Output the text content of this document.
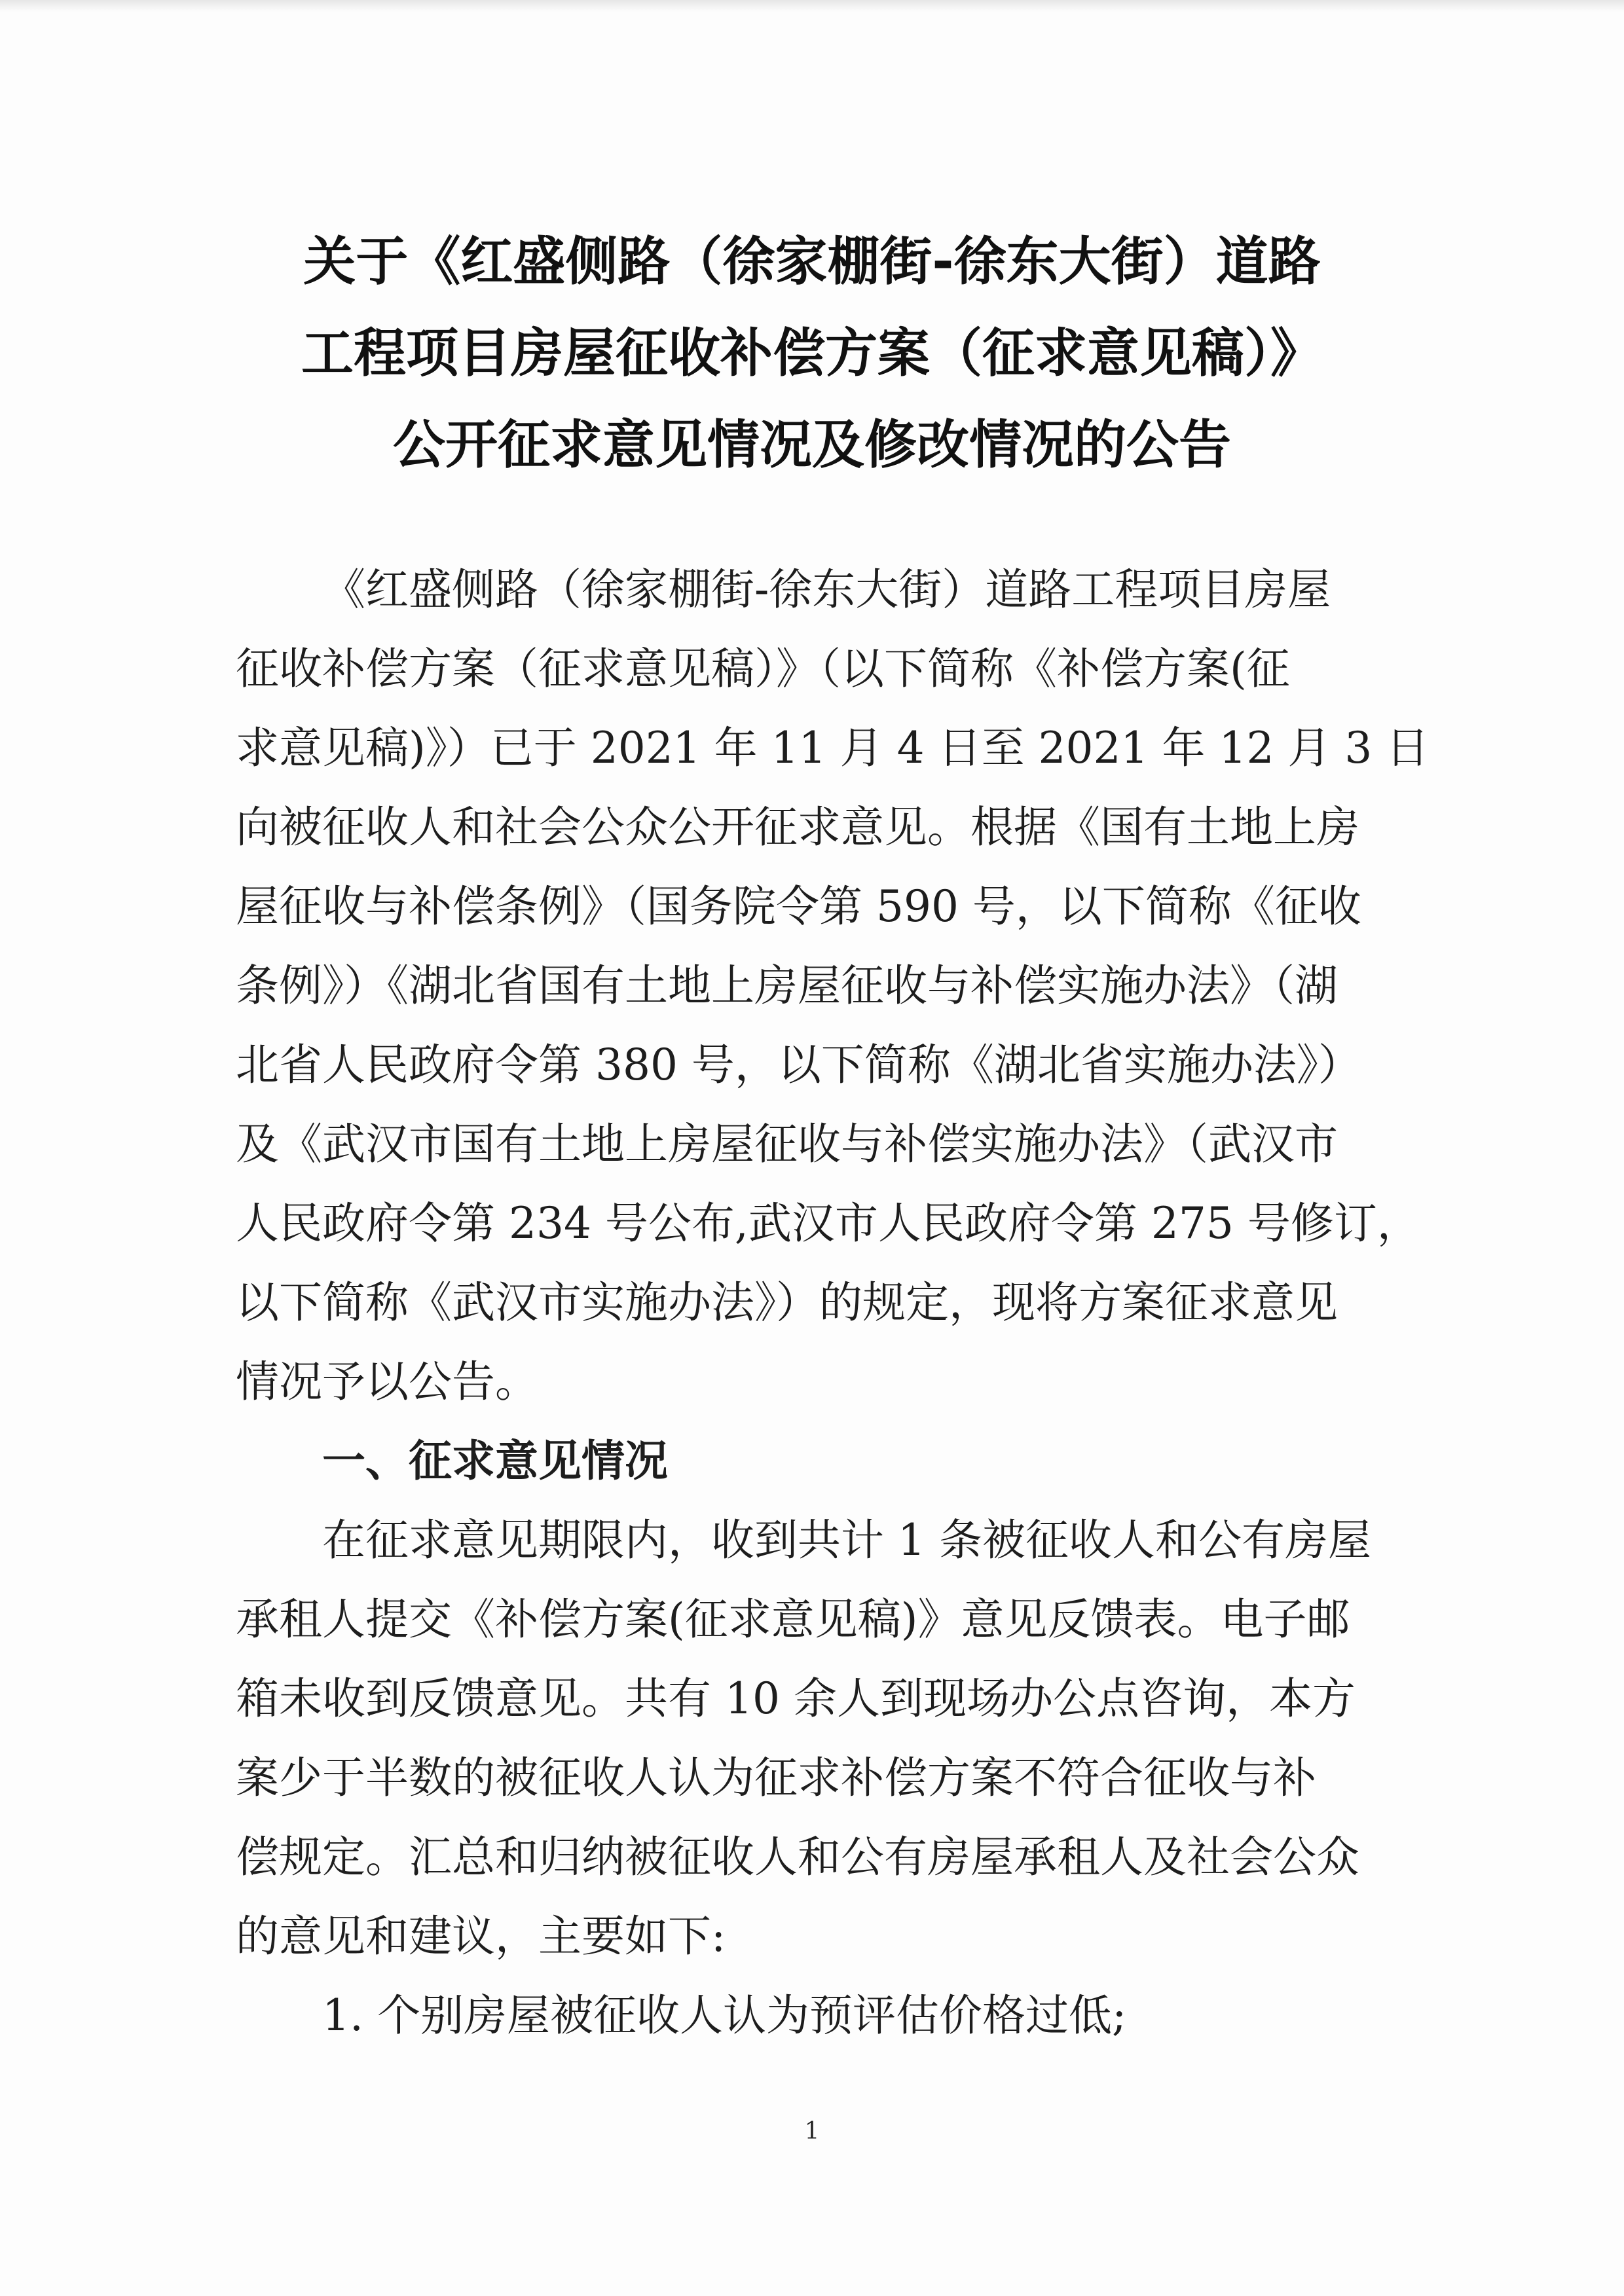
关于《红盛侧路（徐家棚街-徐东大街）道路
工程项目房屋征收补偿方案（征求意见稿）》
公开征求意见情况及修改情况的公告
《红盛侧路（徐家棚街-徐东大街）道路工程项目房屋
征收补偿方案（征求意见稿）》（以下简称《补偿方案(征
求意见稿)》）已于 2021 年 11 月 4 日至 2021 年 12 月 3 日
向被征收人和社会公众公开征求意见。根据《国有土地上房
屋征收与补偿条例》（国务院令第 590 号，以下简称《征收
条例》）《湖北省国有土地上房屋征收与补偿实施办法》（湖
北省人民政府令第 380 号，以下简称《湖北省实施办法》）
及《武汉市国有土地上房屋征收与补偿实施办法》（武汉市
人民政府令第 234 号公布,武汉市人民政府令第 275 号修订，
以下简称《武汉市实施办法》）的规定，现将方案征求意见
情况予以公告。
一、征求意见情况
在征求意见期限内，收到共计 1 条被征收人和公有房屋
承租人提交《补偿方案(征求意见稿)》意见反馈表。电子邮
箱未收到反馈意见。共有 10 余人到现场办公点咨询，本方
案少于半数的被征收人认为征求补偿方案不符合征收与补
偿规定。汇总和归纳被征收人和公有房屋承租人及社会公众
的意见和建议，主要如下:
1. 个别房屋被征收人认为预评估价格过低;
1
